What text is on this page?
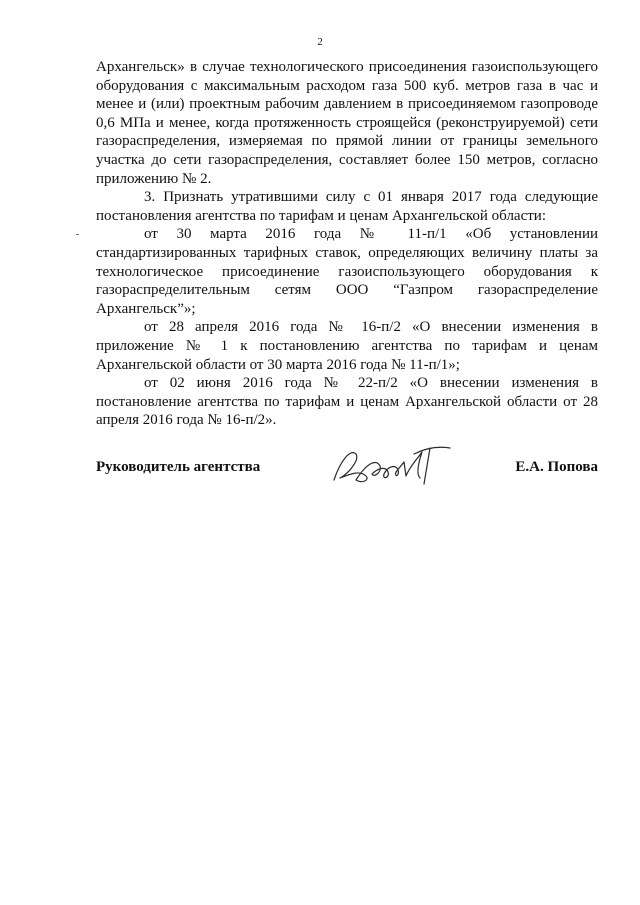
2

Архангельск» в случае технологического присоединения газоиспользующего оборудования с максимальным расходом газа 500 куб. метров газа в час и менее и (или) проектным рабочим давлением в присоединяемом газопроводе 0,6 МПа и менее, когда протяженность строящейся (реконструируемой) сети газораспределения, измеряемая по прямой линии от границы земельного участка до сети газораспределения, составляет более 150 метров, согласно приложению № 2.

3. Признать утратившими силу с 01 января 2017 года следующие постановления агентства по тарифам и ценам Архангельской области:

от 30 марта 2016 года № 11-п/1 «Об установлении стандартизированных тарифных ставок, определяющих величину платы за технологическое присоединение газоиспользующего оборудования к газораспределительным сетям ООО “Газпром газораспределение Архангельск”»;

от 28 апреля 2016 года № 16-п/2 «О внесении изменения в приложение № 1 к постановлению агентства по тарифам и ценам Архангельской области от 30 марта 2016 года № 11-п/1»;

от 02 июня 2016 года № 22-п/2 «О внесении изменения в постановление агентства по тарифам и ценам Архангельской области от 28 апреля 2016 года № 16-п/2».

Руководитель агентства	Е.А. Попова
